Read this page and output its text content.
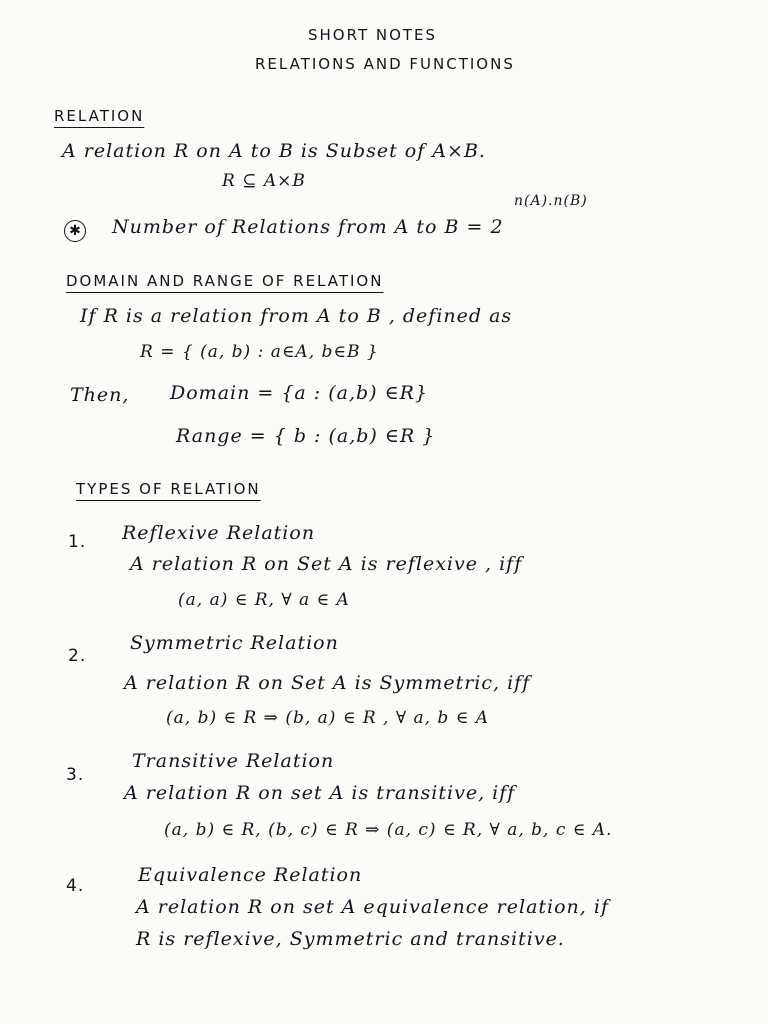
SHORT NOTES
RELATIONS AND FUNCTIONS
RELATION
A relation R on A to B is Subset of A×B.
R ⊆ A×B
✱ Number of Relations from A to B = 2
n(A).n(B)
DOMAIN AND RANGE OF RELATION
If R is a relation from A to B , defined as
R = { (a, b) : a∈A, b∈B }
Then, Domain = {a : (a,b) ∈R}
Range = { b : (a,b) ∈R }
TYPES OF RELATION
1. Reflexive Relation
A relation R on Set A is reflexive , iff
(a, a) ∈ R, ∀ a ∈ A
2.
Symmetric Relation
A relation R on Set A is Symmetric, iff
(a, b) ∈ R ⇒ (b, a) ∈ R , ∀ a, b ∈ A
3.
Transitive Relation
A relation R on set A is transitive, iff
(a, b) ∈ R, (b, c) ∈ R ⇒ (a, c) ∈ R, ∀ a, b, c ∈ A.
4.	Equivalence Relation
A relation R on set A equivalence relation, if
R is reflexive, Symmetric and transitive.
